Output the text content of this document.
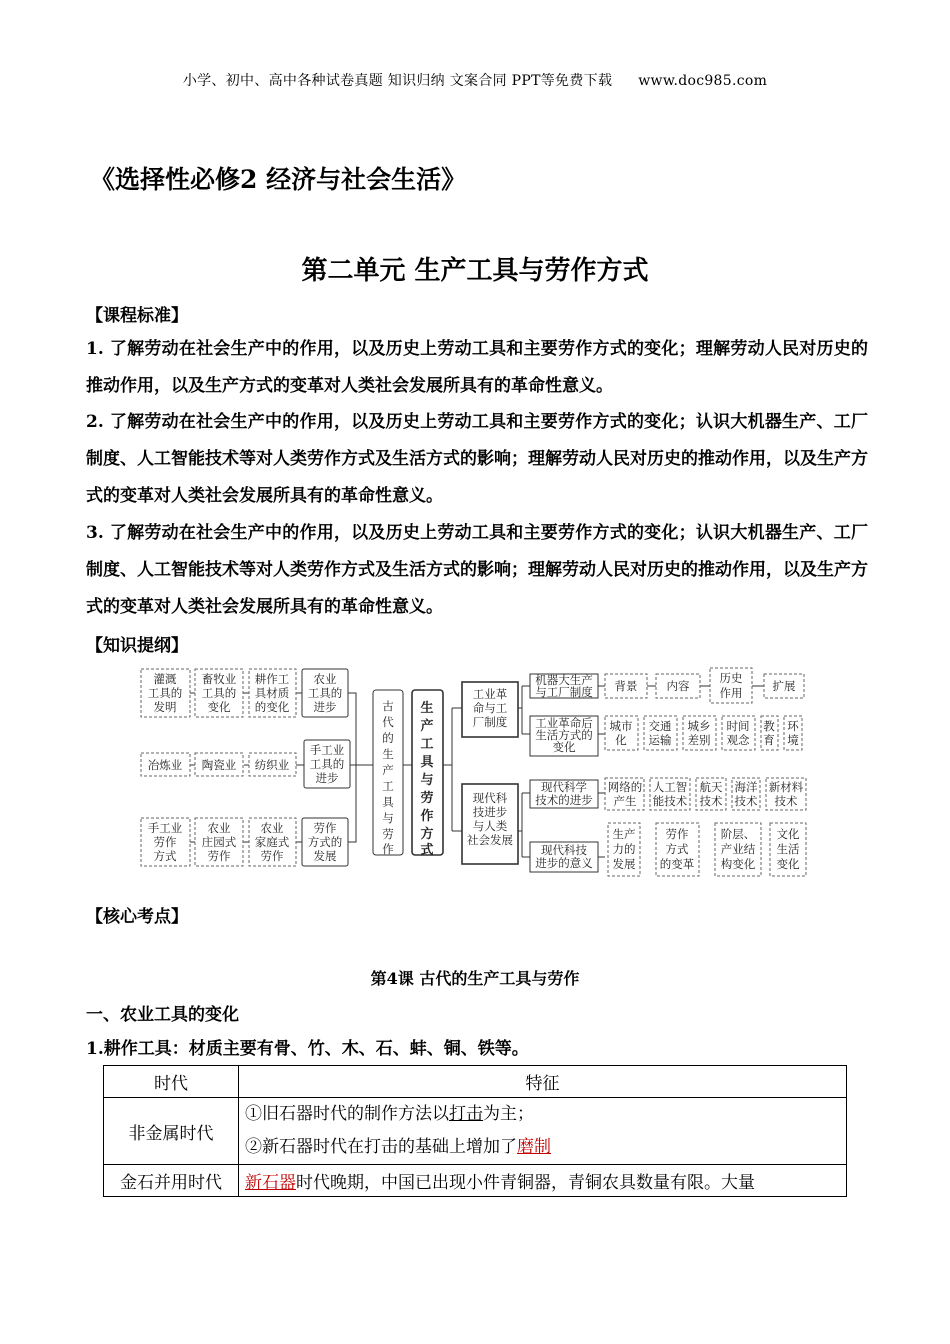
小学、初中、高中各种试卷真题 知识归纳 文案合同 PPT等免费下载 www.doc985.com
《选择性必修2 经济与社会生活》
第二单元 生产工具与劳作方式
【课程标准】
1. 了解劳动在社会生产中的作用，以及历史上劳动工具和主要劳作方式的变化；理解劳动人民对历史的推动作用，以及生产方式的变革对人类社会发展所具有的革命性意义。
2. 了解劳动在社会生产中的作用，以及历史上劳动工具和主要劳作方式的变化；认识大机器生产、工厂制度、人工智能技术等对人类劳作方式及生活方式的影响；理解劳动人民对历史的推动作用，以及生产方式的变革对人类社会发展所具有的革命性意义。
3. 了解劳动在社会生产中的作用，以及历史上劳动工具和主要劳作方式的变化；认识大机器生产、工厂制度、人工智能技术等对人类劳作方式及生活方式的影响；理解劳动人民对历史的推动作用，以及生产方式的变革对人类社会发展所具有的革命性意义。
【知识提纲】
灌溉工具的发明
畜牧业工具的变化
耕作工具材质的变化
冶炼业 陶瓷业 纺织业
手工业劳作方式
农业庄园式劳作
农业家庭式劳作
农业工具的进步
手工业工具的进步
劳作方式的发展
古代的生产工具与劳作
生产工具与劳作方式
工业革命与工厂制度
现代科技进步与人类社会发展
机器大生产与工厂制度
工业革命后生活方式的变化
背景	内容
历史作用	扩展
城市化
交通运输
城乡差别
时间观念
教育
环境
现代科学技术的进步
现代科技进步的意义
网络的产生
人工智能技术
航天技术
海洋技术
新材料技术
生产力的发展
劳作方式的变革
阶层、产业结构变化
文化生活变化
【核心考点】
第4课 古代的生产工具与劳作
一、农业工具的变化
1.耕作工具：材质主要有骨、竹、木、石、蚌、铜、铁等。
时代	特征
非金属时代	①旧石器时代的制作方法以打击为主；
②新石器时代在打击的基础上增加了磨制

金石并用时代	新石器时代晚期，中国已出现小件青铜器，青铜农具数量有限。大量
